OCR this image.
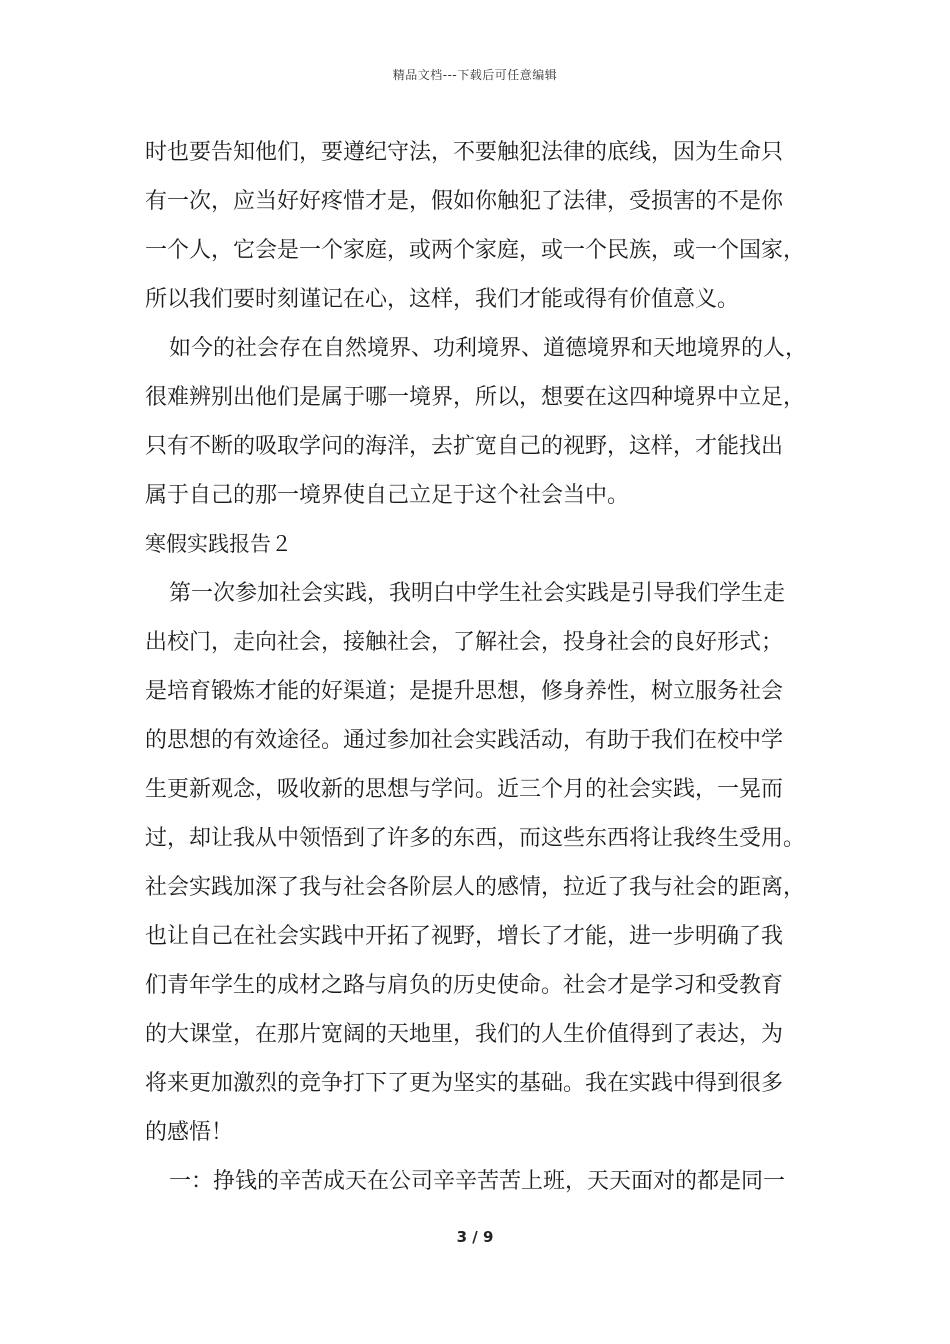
精品文档---下载后可任意编辑
时也要告知他们，要遵纪守法，不要触犯法律的底线，因为生命只
有一次，应当好好疼惜才是，假如你触犯了法律，受损害的不是你
一个人，它会是一个家庭，或两个家庭，或一个民族，或一个国家，
所以我们要时刻谨记在心，这样，我们才能或得有价值意义。
如今的社会存在自然境界、功利境界、道德境界和天地境界的人，
很难辨别出他们是属于哪一境界，所以，想要在这四种境界中立足，
只有不断的吸取学问的海洋，去扩宽自己的视野，这样，才能找出
属于自己的那一境界使自己立足于这个社会当中。
寒假实践报告２
第一次参加社会实践，我明白中学生社会实践是引导我们学生走
出校门，走向社会，接触社会，了解社会，投身社会的良好形式；
是培育锻炼才能的好渠道；是提升思想，修身养性，树立服务社会
的思想的有效途径。通过参加社会实践活动，有助于我们在校中学
生更新观念，吸收新的思想与学问。近三个月的社会实践，一晃而
过，却让我从中领悟到了许多的东西，而这些东西将让我终生受用。
社会实践加深了我与社会各阶层人的感情，拉近了我与社会的距离，
也让自己在社会实践中开拓了视野，增长了才能，进一步明确了我
们青年学生的成材之路与肩负的历史使命。社会才是学习和受教育
的大课堂，在那片宽阔的天地里，我们的人生价值得到了表达，为
将来更加激烈的竞争打下了更为坚实的基础。我在实践中得到很多
的感悟！
一：挣钱的辛苦成天在公司辛辛苦苦上班，天天面对的都是同一
3 / 9
